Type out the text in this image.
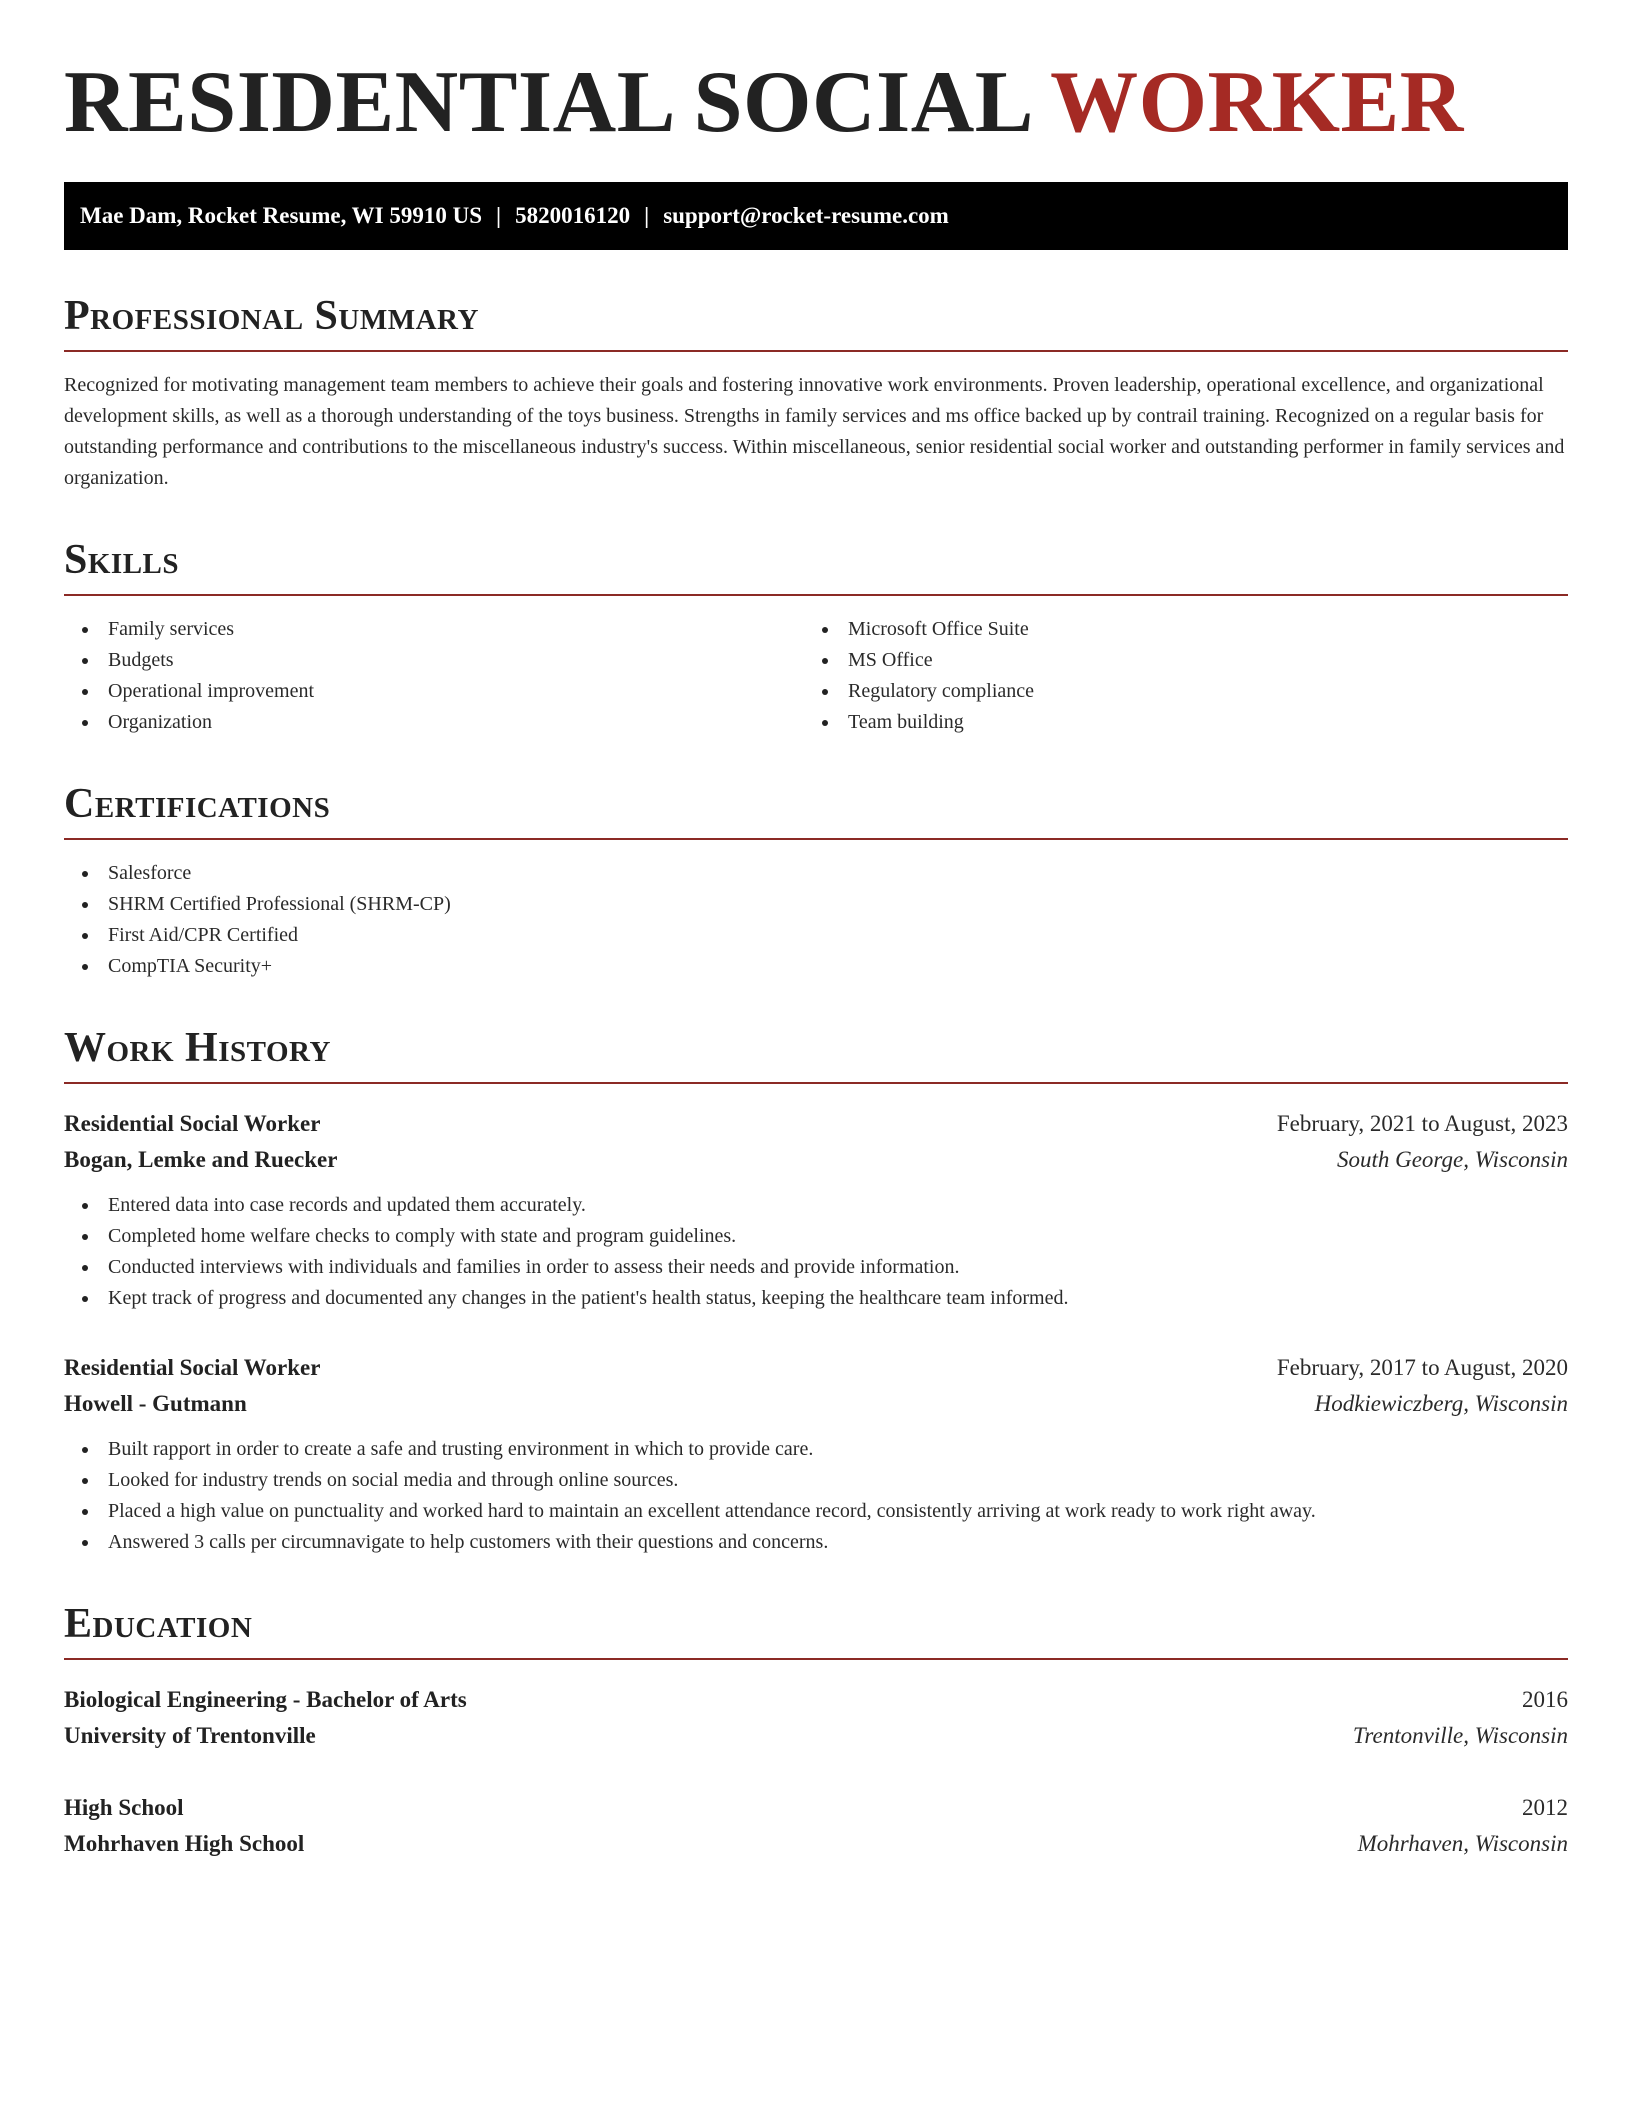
RESIDENTIAL SOCIAL WORKER
Mae Dam, Rocket Resume, WI 59910 US | 5820016120 | support@rocket-resume.com
Professional Summary

Recognized for motivating management team members to achieve their goals and fostering innovative work environments. Proven leadership, operational excellence, and organizational development skills, as well as a thorough understanding of the toys business. Strengths in family services and ms office backed up by contrail training. Recognized on a regular basis for outstanding performance and contributions to the miscellaneous industry's success. Within miscellaneous, senior residential social worker and outstanding performer in family services and organization.

Skills
Family services
Budgets
Operational improvement
Organization
Microsoft Office Suite
MS Office
Regulatory compliance
Team building
Certifications
Salesforce
SHRM Certified Professional (SHRM-CP)
First Aid/CPR Certified
CompTIA Security+
Work History
Residential Social Worker	February, 2021 to August, 2023
Bogan, Lemke and Ruecker	South George, Wisconsin
Entered data into case records and updated them accurately.
Completed home welfare checks to comply with state and program guidelines.
Conducted interviews with individuals and families in order to assess their needs and provide information.
Kept track of progress and documented any changes in the patient's health status, keeping the healthcare team informed.
Residential Social Worker	February, 2017 to August, 2020
Howell - Gutmann	Hodkiewiczberg, Wisconsin
Built rapport in order to create a safe and trusting environment in which to provide care.
Looked for industry trends on social media and through online sources.
Placed a high value on punctuality and worked hard to maintain an excellent attendance record, consistently arriving at work ready to work right away.
Answered 3 calls per circumnavigate to help customers with their questions and concerns.
Education
Biological Engineering - Bachelor of Arts	2016
University of Trentonville	Trentonville, Wisconsin
High School	2012
Mohrhaven High School	Mohrhaven, Wisconsin
